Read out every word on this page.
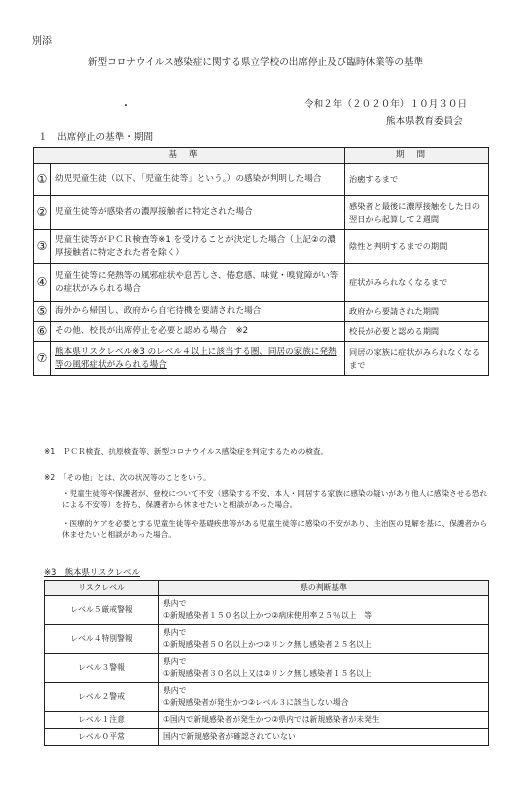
別添
新型コロナウイルス感染症に関する県立学校の出席停止及び臨時休業等の基準
・	令和２年（２０２０年）１０月３０日
熊本県教育委員会
１　出席停止の基準・期間
基準		期間
①	幼児児童生徒（以下、「児童生徒等」という。）の感染が判明した場合	治癒するまで
②	児童生徒等が感染者の濃厚接触者に特定された場合	感染者と最後に濃厚接触をした日の翌日から起算して２週間
③	児童生徒等がＰＣＲ検査等※1 を受けることが決定した場合（上記②の濃厚接触者に特定された者を除く）	陰性と判明するまでの期間
④	児童生徒等に発熱等の風邪症状や息苦しさ、倦怠感、味覚・嗅覚障がい等の症状がみられる場合	症状がみられなくなるまで
⑤	海外から帰国し、政府から自宅待機を要請された場合	政府から要請された期間
⑥	その他、校長が出席停止を必要と認める場合　※2	校長が必要と認める期間
⑦	熊本県リスクレベル※3 のレベル４以上に該当する圏、同居の家族に発熱等の風邪症状がみられる場合	同居の家族に症状がみられなくなるまで
※1　ＰＣＲ検査、抗原検査等、新型コロナウイルス感染症を判定するための検査。
※2　「その他」とは、次の状況等のことをいう。
・児童生徒等や保護者が、登校について不安（感染する不安、本人・同居する家族に感染の疑いがあり他人に感染させる恐れによる不安等）を持ち、保護者から休ませたいと相談があった場合。
・医療的ケアを必要とする児童生徒等や基礎疾患等がある児童生徒等に感染の不安があり、主治医の見解を基に、保護者から休ませたいと相談があった場合。
※3　熊本県リスクレベル
リスクレベル	県の判断基準
レベル５厳戒警報	県内で
①新規感染者１５０名以上かつ②病床使用率２５％以上　等

レベル４特別警報	県内で
①新規感染者５０名以上かつ②リンク無し感染者２５名以上

レベル３警報	県内で
①新規感染者３０名以上又は②リンク無し感染者１５名以上

レベル２警戒	県内で
①新規感染者が発生かつ②レベル３に該当しない場合

レベル１注意	①国内で新規感染者が発生かつ②県内では新規感染者が未発生
レベル０平常	国内で新規感染者が確認されていない
